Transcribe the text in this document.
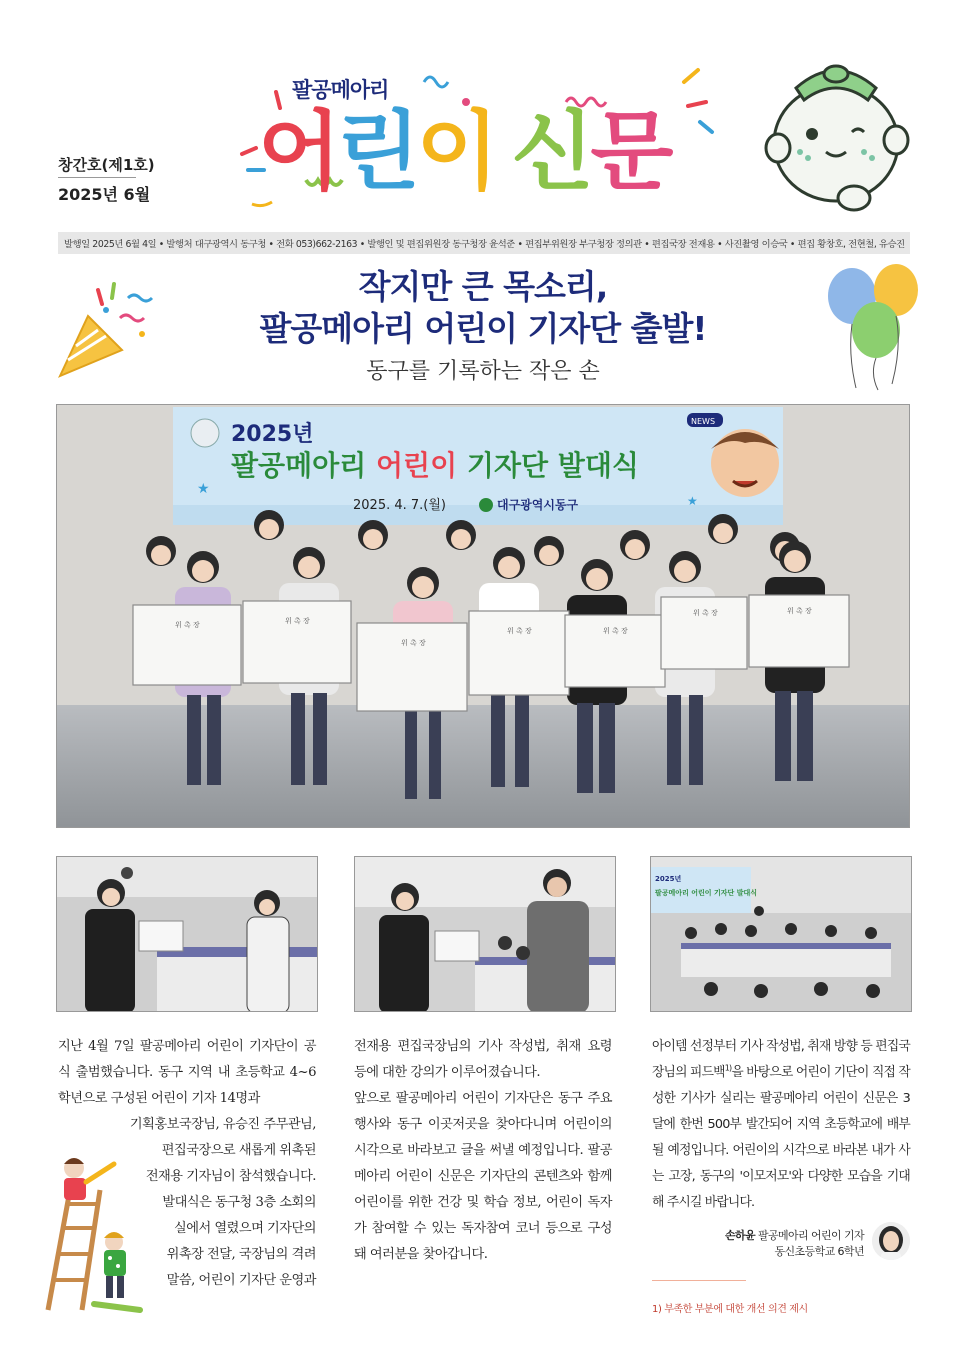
창간호(제1호)
2025년 6월
팔공메아리
어 린 이 신 문
발행일 2025년 6월 4일 • 발행처 대구광역시 동구청 • 전화 053)662-2163 • 발행인 및 편집위원장 동구청장 윤석준 • 편집부위원장 부구청장 정의관 • 편집국장 전재용 • 사진촬영 이승국 • 편집 황창호, 전현철, 유승진
작지만 큰 목소리,
팔공메아리 어린이 기자단 출발!
동구를 기록하는 작은 손
2025년
팔공메아리 어린이 기자단 발대식
2025. 4. 7.(월)	대구광역시동구
NEWS
★
★
위 촉 장	위 촉 장
위 촉 장
위 촉 장	위 촉 장
위 촉 장	위 촉 장
2025년
팔공메아리 어린이 기자단 발대식

지난 4월 7일 팔공메아리 어린이 기자단이 공식 출범했습니다. 동구 지역 내 초등학교 4~6학년으로 구성된 어린이 기자 14명과

기획홍보국장님, 유승진 주무관님,
편집국장으로 새롭게 위촉된
전재용 기자님이 참석했습니다.
발대식은 동구청 3층 소회의
실에서 열렸으며 기자단의
위촉장 전달, 국장님의 격려
말씀, 어린이 기자단 운영과

전재용 편집국장님의 기사 작성법, 취재 요령 등에 대한 강의가 이루어졌습니다.

앞으로 팔공메아리 어린이 기자단은 동구 주요 행사와 동구 이곳저곳을 찾아다니며 어린이의 시각으로 바라보고 글을 써낼 예정입니다. 팔공메아리 어린이 신문은 기자단의 콘텐츠와 함께 어린이를 위한 건강 및 학습 정보, 어린이 독자가 참여할 수 있는 독자참여 코너 등으로 구성돼 여러분을 찾아갑니다.

아이템 선정부터 기사 작성법, 취재 방향 등 편집국장님의 피드백$^{1)}$을 바탕으로 어린이 기단이 직접 작성한 기사가 실리는 팔공메아리 어린이 신문은 3달에 한번 500부 발간되어 지역 초등학교에 배부될 예정입니다. 어린이의 시각으로 바라본 내가 사는 고장, 동구의 '이모저모'와 다양한 모습을 기대해 주시길 바랍니다.

손하윤 팔공메아리 어린이 기자
동신초등학교 6학년
1) 부족한 부분에 대한 개선 의견 제시
